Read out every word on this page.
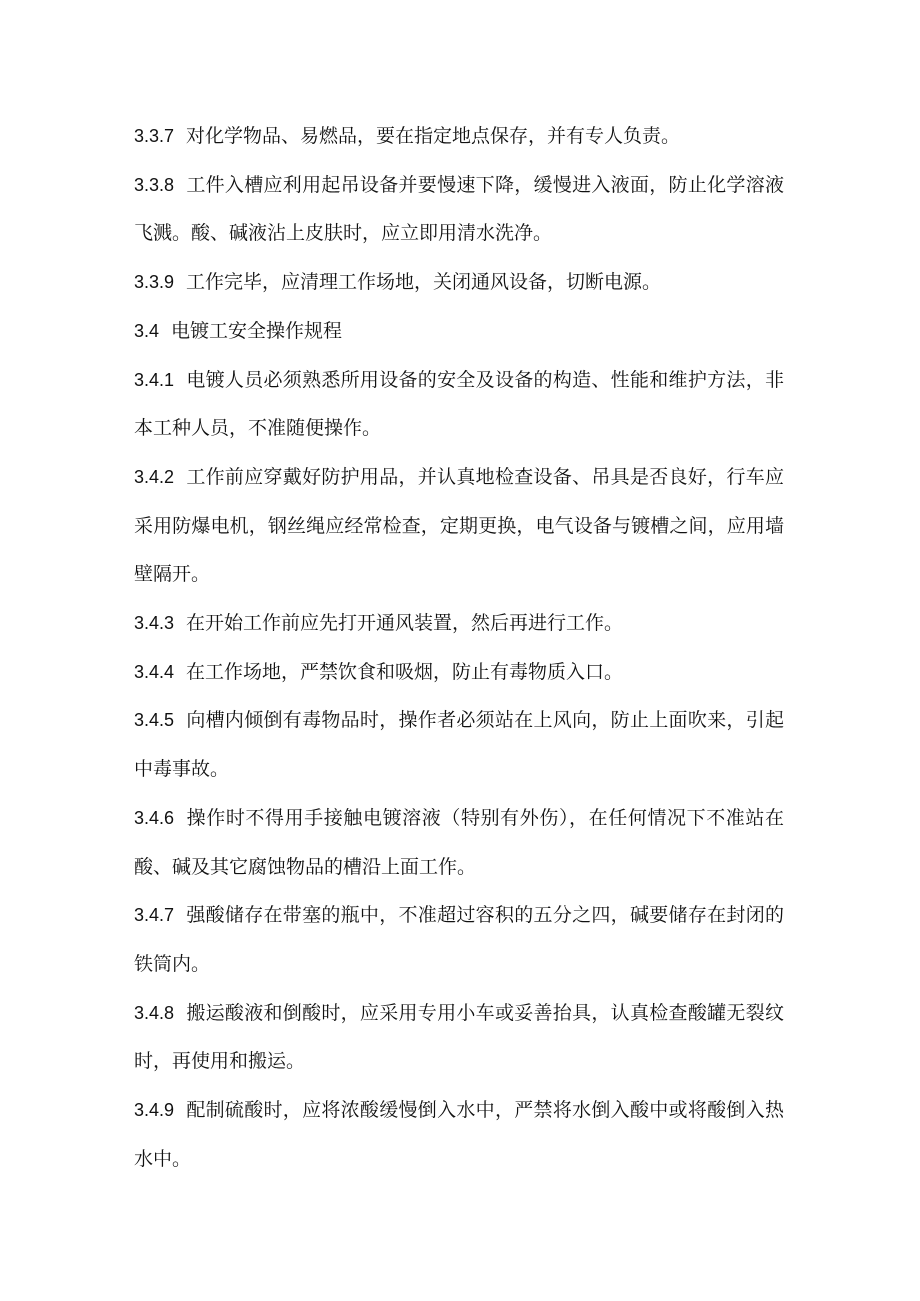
3.3.7 对化学物品、易燃品，要在指定地点保存，并有专人负责。

3.3.8 工件入槽应利用起吊设备并要慢速下降，缓慢进入液面，防止化学溶液飞溅。酸、碱液沾上皮肤时，应立即用清水洗净。

3.3.9 工作完毕，应清理工作场地，关闭通风设备，切断电源。

3.4 电镀工安全操作规程

3.4.1 电镀人员必须熟悉所用设备的安全及设备的构造、性能和维护方法，非本工种人员，不准随便操作。

3.4.2 工作前应穿戴好防护用品，并认真地检查设备、吊具是否良好，行车应采用防爆电机，钢丝绳应经常检查，定期更换，电气设备与镀槽之间，应用墙壁隔开。

3.4.3 在开始工作前应先打开通风装置，然后再进行工作。

3.4.4 在工作场地，严禁饮食和吸烟，防止有毒物质入口。

3.4.5 向槽内倾倒有毒物品时，操作者必须站在上风向，防止上面吹来，引起中毒事故。

3.4.6 操作时不得用手接触电镀溶液（特别有外伤），在任何情况下不准站在酸、碱及其它腐蚀物品的槽沿上面工作。

3.4.7 强酸储存在带塞的瓶中，不准超过容积的五分之四，碱要储存在封闭的铁筒内。

3.4.8 搬运酸液和倒酸时，应采用专用小车或妥善抬具，认真检查酸罐无裂纹时，再使用和搬运。

3.4.9 配制硫酸时，应将浓酸缓慢倒入水中，严禁将水倒入酸中或将酸倒入热水中。
